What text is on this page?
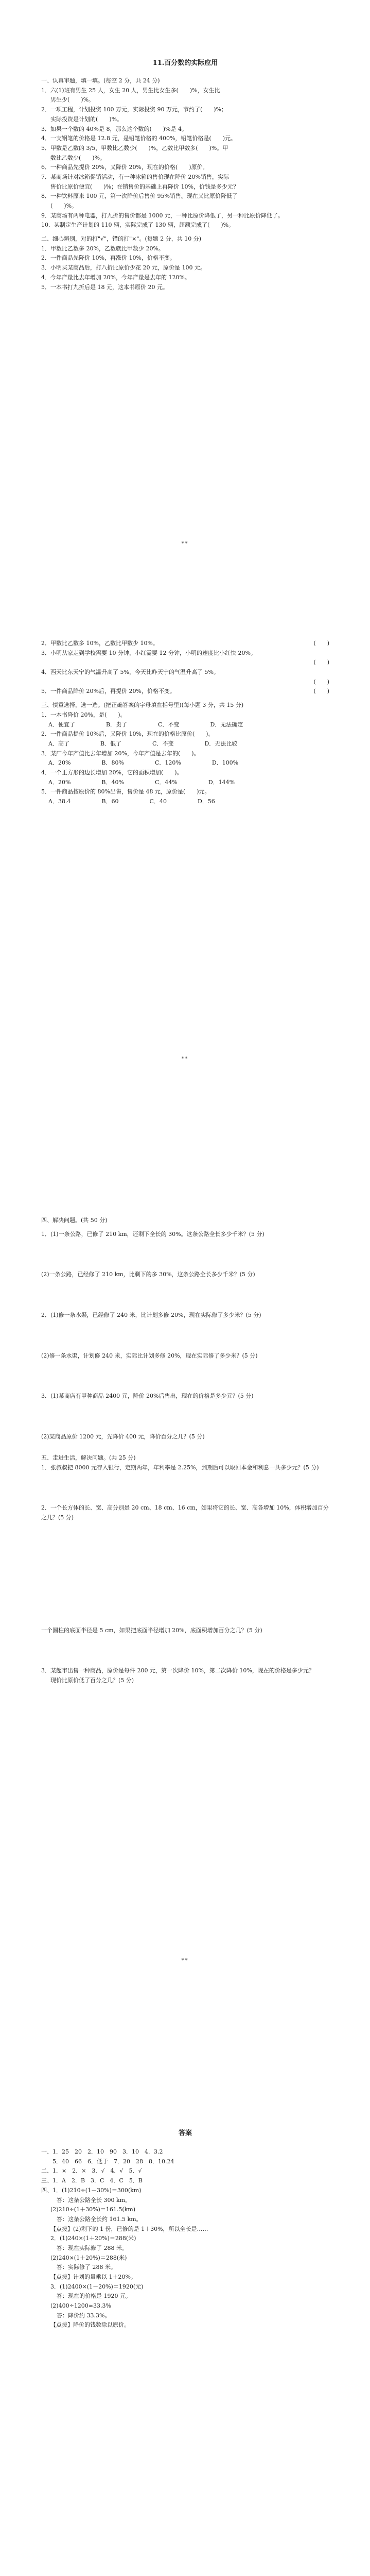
11.百分数的实际应用

一、认真审题，填一填。(每空 2 分，共 24 分)

1．六(1)班有男生 25 人，女生 20 人，男生比女生多(　　)%，女生比

男生少(　　)%。

2．一项工程，计划投资 100 万元，实际投资 90 万元，节约了(　　)%；

实际投资是计划的(　　)%。

3．如果一个数的 40%是 8，那么这个数的(　　)%是 4。

4．一支钢笔的价格是 12.8 元，是铅笔价格的 400%，铅笔价格是(　　)元。

5．甲数是乙数的 3/5，甲数比乙数少(　　)%，乙数比甲数多(　　)%。甲

数比乙数少(　　)%。

6．一种商品先提价 20%，又降价 20%，现在的价格(　　)原价。

7．某商场针对冰箱促销活动，有一种冰箱的售价现在降价 20%销售，实际

售价比原价便宜(　　)%；在销售价的基础上再降价 10%，价钱是多少元？

8．一种饮料原来 100 元，第一次降价后售价 95%销售。现在又比原价降低了

(　　)%。

9．某商场有两种电器，打九折的售价都是 1000 元，一种比原价降低了，另一种比原价降低了。

10．某制定生产计划的 110 辆，实际完成了 130 辆，超额完成了(　　)%。

二、细心辨别，对的打"√"，错的打"×"。(每题 2 分，共 10 分)

1．甲数比乙数多 20%，乙数就比甲数少 20%。

2．一件商品先降价 10%，再涨价 10%，价格不变。

3．小明买某商品后，打八折比原价少花 20 元，原价是 100 元。

4．今年产量比去年增加 20%，今年产量是去年的 120%。

5．一本书打九折后是 18 元，这本书原价 20 元。

**

2．甲数比乙数多 10%，乙数比甲数少 10%。	(　　)

3．小明从家走到学校需要 10 分钟，小红需要 12 分钟，小明的速度比小红快 20%。

(　　)

4．西天比东天宁的气温升高了 5%，今天比昨天宁的气温升高了 5%。

(　　)

5．一件商品降价 20%后，再提价 20%，价格不变。	(　　)

三、慎重选择，选一选。(把正确答案的字母填在括号里)(每小题 3 分，共 15 分)

1．一本书降价 20%，是(　　)。

A．便宜了	B．贵了	C．不变	D．无法确定

2．一件商品提价 10%后，又降价 10%，现在的价格比原价(　　)。

A．高了	B．低了	C．不变	D．无法比较

3．某厂今年产值比去年增加 20%，今年产值是去年的(　　)。

A．20%	B．80%	C．120%	D．100%

4．一个正方形的边长增加 20%，它的面积增加(　　)。

A．20%	B．40%	C．44%	D．144%

5．一件商品按原价的 80%出售，售价是 48 元，原价是(　　)元。

A．38.4	B．60	C．40	D．56
**

四、解决问题。(共 50 分)

1．(1)一条公路，已修了 210 km，还剩下全长的 30%。这条公路全长多少千米？(5 分)

(2)一条公路，已经修了 210 km，比剩下的多 30%，这条公路全长多少千米？(5 分)

2．(1)修一条水渠，已经修了 240 米，比计划多修 20%，现在实际修了多少米？(5 分)

(2)修一条水渠，计划修 240 米，实际比计划多修 20%，现在实际修了多少米？(5 分)

3．(1)某商店有甲种商品 2400 元，降价 20%后售出，现在的价格是多少元？(5 分)

(2)某商品原价 1200 元，先降价 400 元，降价百分之几？(5 分)

五、走进生活，解决问题。(共 25 分)

1．张叔叔把 8000 元存入银行，定期两年，年利率是 2.25%，到期后可以取回本金和利息一共多少元？(5 分)

2．一个长方体的长、宽、高分别是 20 cm、18 cm、16 cm，如果将它的长、宽、高各增加 10%，体积增加百分之几？(5 分)

一个圆柱的底面半径是 5 cm，如果把底面半径增加 20%，底面积增加百分之几？(5 分)

3．某超市出售一种商品，原价是每件 200 元，第一次降价 10%，第二次降价 10%，现在的价格是多少元？

现价比原价低了百分之几？(5 分)

**
答案

一、1．25　20　2．10　90　3．10　4．3.2

　　5．40　66　6．低于　7．20　28　8．10.24

二、1．×　2．×　3．√　4．√　5．√

三、1．A　2．B　3．C　4．C　5．B

四、1．(1)210÷(1－30%)＝300(km)

答：这条公路全长 300 km。

(2)210÷(1＋30%)＝161.5(km)

答：这条公路全长约 161.5 km。

【点拨】(2)剩下的 1 份，已修的是 1＋30%，所以全长是……

2．(1)240×(1＋20%)＝288(米)

答：现在实际修了 288 米。

(2)240×(1＋20%)＝288(米)

答：实际修了 288 米。

【点拨】计划的量乘以 1＋20%。

3．(1)2400×(1－20%)＝1920(元)

答：现在的价格是 1920 元。

(2)400÷1200≈33.3%

答：降价约 33.3%。

【点拨】降价的钱数除以原价。
